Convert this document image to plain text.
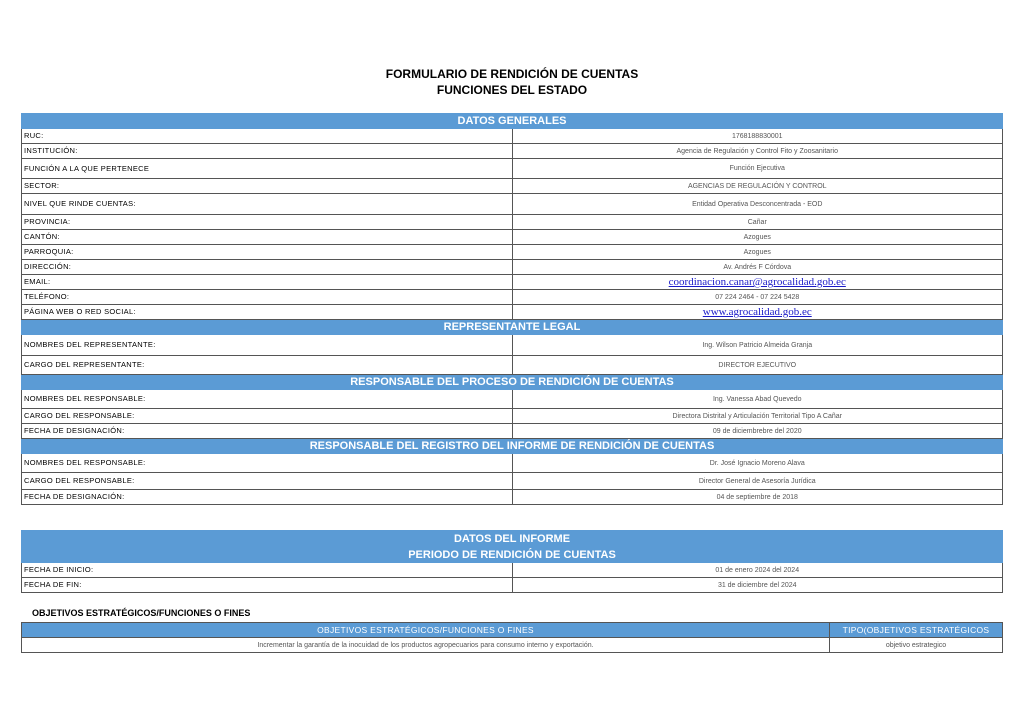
FORMULARIO DE RENDICIÓN DE CUENTAS
FUNCIONES DEL ESTADO
DATOS GENERALES	
RUC:	1768188830001
INSTITUCIÓN:	Agencia de Regulación y Control Fito y Zoosanitario
FUNCIÓN A LA QUE PERTENECE	Función Ejecutiva
SECTOR:	AGENCIAS DE REGULACIÓN Y CONTROL
NIVEL QUE RINDE CUENTAS:	Entidad Operativa Desconcentrada - EOD
PROVINCIA:	Cañar
CANTÓN:	Azogues
PARROQUIA:	Azogues
DIRECCIÓN:	Av. Andrés F Córdova
EMAIL:	coordinacion.canar@agrocalidad.gob.ec
TELÉFONO:	07 224 2464 - 07 224 5428
PÁGINA WEB O RED SOCIAL:	www.agrocalidad.gob.ec
REPRESENTANTE LEGAL	
NOMBRES DEL REPRESENTANTE:	Ing. Wilson Patricio Almeida Granja
CARGO DEL REPRESENTANTE:	DIRECTOR EJECUTIVO
RESPONSABLE DEL PROCESO DE RENDICIÓN DE CUENTAS	
NOMBRES DEL RESPONSABLE:	Ing. Vanessa Abad Quevedo
CARGO DEL RESPONSABLE:	Directora Distrital y Articulación Territorial Tipo A Cañar
FECHA DE DESIGNACIÓN:	09 de diciembrebre del 2020
RESPONSABLE DEL REGISTRO DEL INFORME DE RENDICIÓN DE CUENTAS	
NOMBRES DEL RESPONSABLE:	Dr. José Ignacio Moreno Alava
CARGO DEL RESPONSABLE:	Director General de Asesoría Jurídica
FECHA DE DESIGNACIÓN:	04 de septiembre de 2018
DATOS DEL INFORME	
PERIODO DE RENDICIÓN DE CUENTAS	
FECHA DE INICIO:	01 de enero 2024 del 2024
FECHA DE FIN:	31 de diciembre del 2024
OBJETIVOS ESTRATÉGICOS/FUNCIONES O FINES
OBJETIVOS ESTRATÉGICOS/FUNCIONES O FINES	TIPO(OBJETIVOS ESTRATÉGICOS
Incrementar la garantía de la inocuidad de los productos agropecuarios para consumo interno y exportación.	objetivo estrategico
